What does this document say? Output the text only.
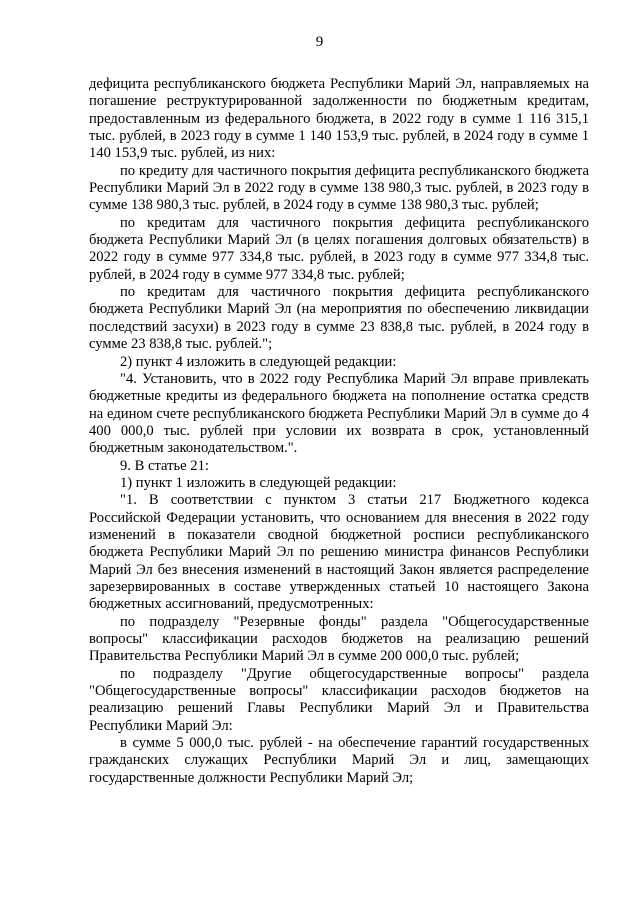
9

дефицита республиканского бюджета Республики Марий Эл, направляемых на погашение реструктурированной задолженности по бюджетным кредитам, предоставленным из федерального бюджета, в 2022 году в сумме 1 116 315,1 тыс. рублей, в 2023 году в сумме 1 140 153,9 тыс. рублей, в 2024 году в сумме 1 140 153,9 тыс. рублей, из них:

по кредиту для частичного покрытия дефицита республиканского бюджета Республики Марий Эл в 2022 году в сумме 138 980,3 тыс. рублей, в 2023 году в сумме 138 980,3 тыс. рублей, в 2024 году в сумме 138 980,3 тыс. рублей;

по кредитам для частичного покрытия дефицита республиканского бюджета Республики Марий Эл (в целях погашения долговых обязательств) в 2022 году в сумме 977 334,8 тыс. рублей, в 2023 году в сумме 977 334,8 тыс. рублей, в 2024 году в сумме 977 334,8 тыс. рублей;

по кредитам для частичного покрытия дефицита республиканского бюджета Республики Марий Эл (на мероприятия по обеспечению ликвидации последствий засухи) в 2023 году в сумме 23 838,8 тыс. рублей, в 2024 году в сумме 23 838,8 тыс. рублей.";

2) пункт 4 изложить в следующей редакции:

"4. Установить, что в 2022 году Республика Марий Эл вправе привлекать бюджетные кредиты из федерального бюджета на пополнение остатка средств на едином счете республиканского бюджета Республики Марий Эл в сумме до 4 400 000,0 тыс. рублей при условии их возврата в срок, установленный бюджетным законодательством.".

9. В статье 21:

1) пункт 1 изложить в следующей редакции:

"1. В соответствии с пунктом 3 статьи 217 Бюджетного кодекса Российской Федерации установить, что основанием для внесения в 2022 году изменений в показатели сводной бюджетной росписи республиканского бюджета Республики Марий Эл по решению министра финансов Республики Марий Эл без внесения изменений в настоящий Закон является распределение зарезервированных в составе утвержденных статьей 10 настоящего Закона бюджетных ассигнований, предусмотренных:

по подразделу "Резервные фонды" раздела "Общегосударственные вопросы" классификации расходов бюджетов на реализацию решений Правительства Республики Марий Эл в сумме 200 000,0 тыс. рублей;

по подразделу "Другие общегосударственные вопросы" раздела "Общегосударственные вопросы" классификации расходов бюджетов на реализацию решений Главы Республики Марий Эл и Правительства Республики Марий Эл:

в сумме 5 000,0 тыс. рублей - на обеспечение гарантий государственных гражданских служащих Республики Марий Эл и лиц, замещающих государственные должности Республики Марий Эл;
